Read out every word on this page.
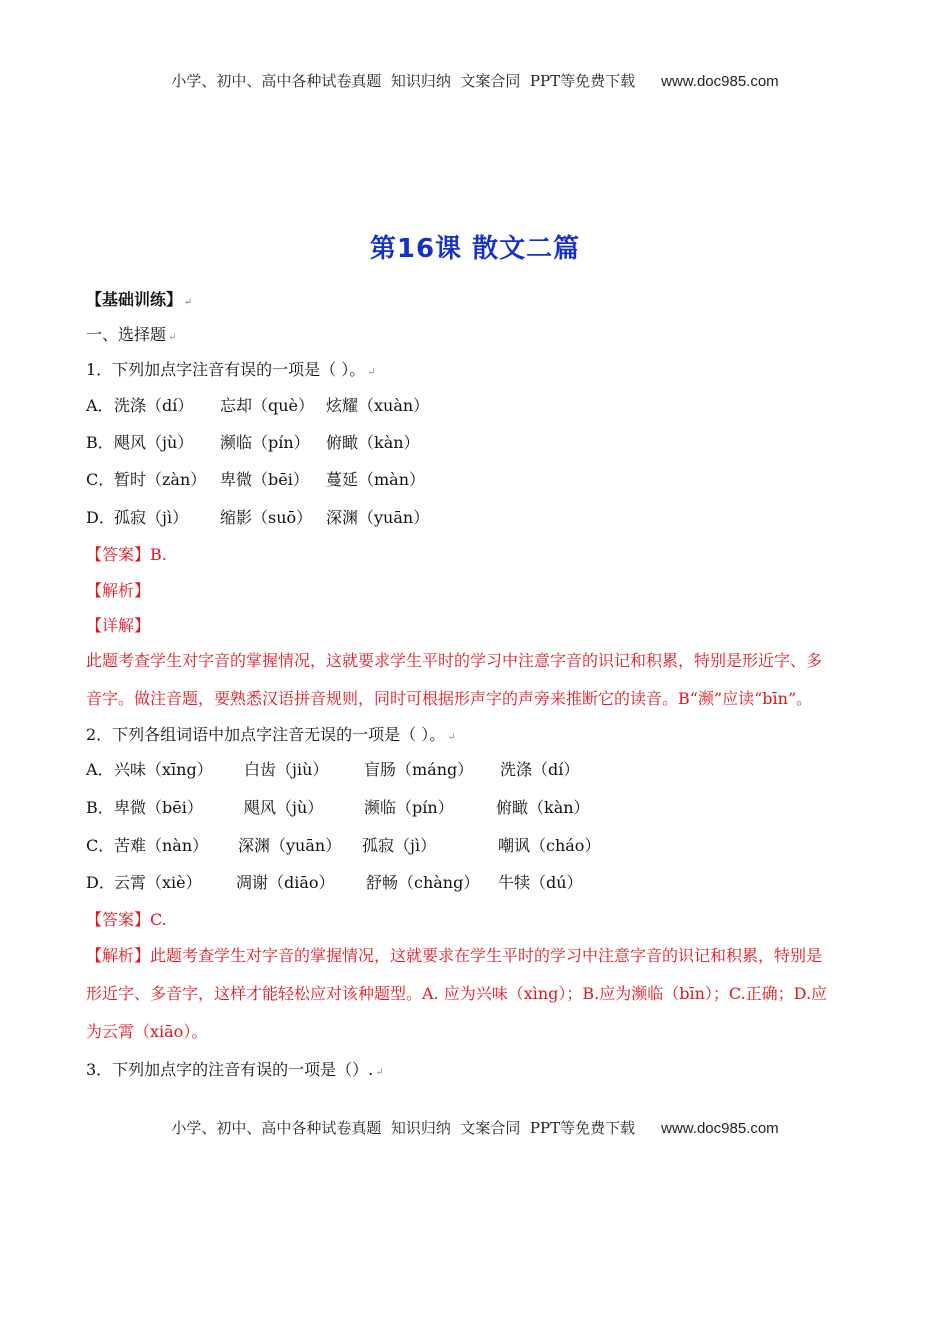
小学、初中、高中各种试卷真题  知识归纳  文案合同  PPT等免费下载 www.doc985.com
第16课 散文二篇
【基础训练】 ↵
一、选择题 ↵
1．下列加点字注音有误的一项是（ ）。 ↵
A． 洗涤（dí） 忘却（què） 炫耀（xuàn）
B． 飓风（jù） 濒临（pín） 俯瞰（kàn）
C． 暂时（zàn） 卑微（bēi） 蔓延（màn）
D． 孤寂（jì） 缩影（suō） 深渊（yuān）
【答案】B.
【解析】
【详解】
此题考查学生对字音的掌握情况，这就要求学生平时的学习中注意字音的识记和积累，特别是形近字、多
音字。做注音题，要熟悉汉语拼音规则，同时可根据形声字的声旁来推断它的读音。B“濒”应读“bīn”。
2．下列各组词语中加点字注音无误的一项是（ ）。 ↵
A． 兴味（xīng） 白齿（jiù） 盲肠（máng） 洗涤（dí）
B． 卑微（bēi）	飓风（jù）	濒临（pín）	俯瞰（kàn）
C． 苦难（nàn） 深渊（yuān） 孤寂（jì）	嘲讽（cháo）
D． 云霄（xiè） 凋谢（diāo） 舒畅（chàng） 牛犊（dú）
【答案】C.
【解析】此题考查学生对字音的掌握情况，这就要求在学生平时的学习中注意字音的识记和积累，特别是
形近字、多音字，这样才能轻松应对该种题型。A. 应为兴味（xìng）；B.应为濒临（bīn）；C.正确；D.应
为云霄（xiāo）。
3．下列加点字的注音有误的一项是（）. ↵
小学、初中、高中各种试卷真题  知识归纳  文案合同  PPT等免费下载 www.doc985.com
